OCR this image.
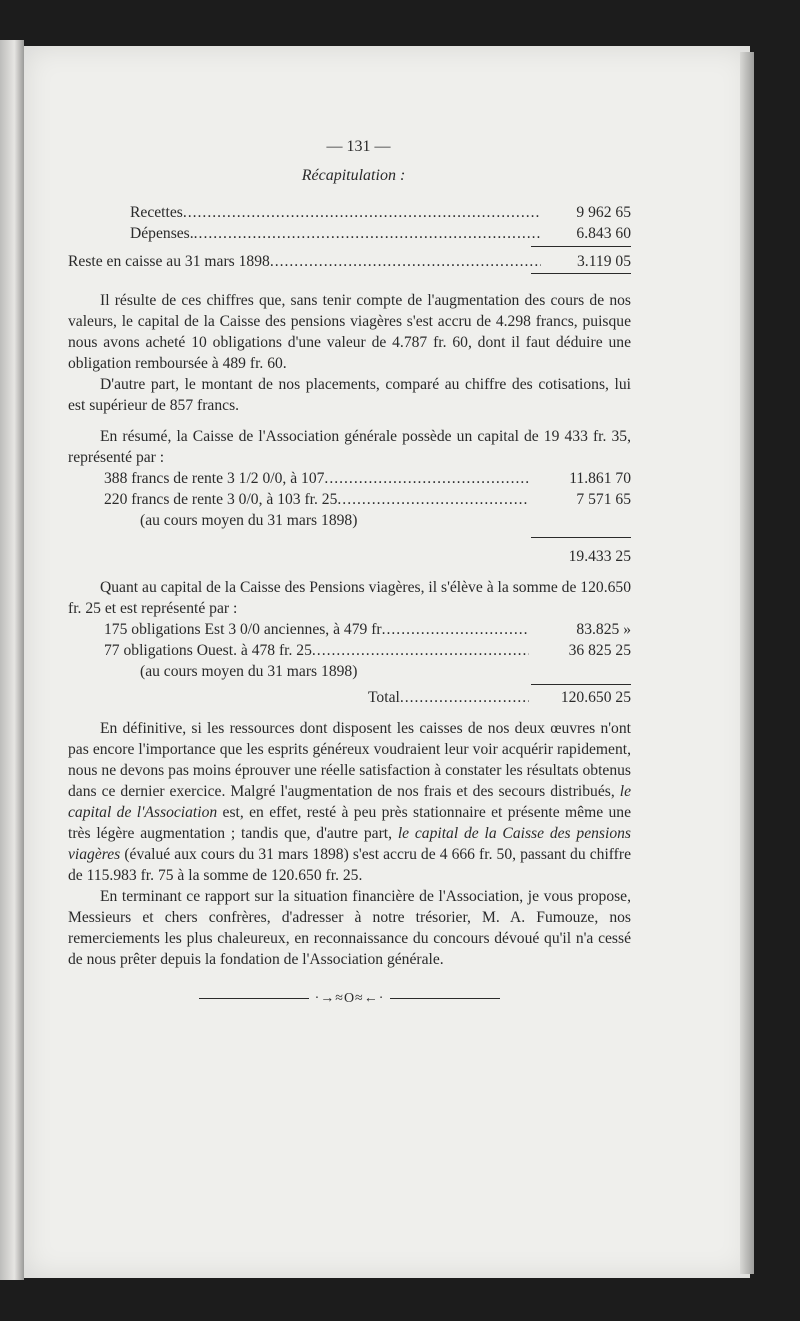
— 131 —
Récapitulation :
Recettes .....	9 962 65
Dépenses. .....	6.843 60
Reste en caisse au 31 mars 1898 .....	3.119 05

Il résulte de ces chiffres que, sans tenir compte de l'augmentation des cours de nos valeurs, le capital de la Caisse des pensions viagères s'est accru de 4.298 francs, puisque nous avons acheté 10 obligations d'une valeur de 4.787 fr. 60, dont il faut déduire une obligation remboursée à 489 fr. 60.

D'autre part, le montant de nos placements, comparé au chiffre des cotisations, lui est supérieur de 857 francs.

En résumé, la Caisse de l'Association générale possède un capital de 19 433 fr. 35, représenté par :

388 francs de rente 3 1/2 0/0, à 107 .....	11.861 70
220 francs de rente 3 0/0, à 103 fr. 25 .....	7 571 65
(au cours moyen du 31 mars 1898)
19.433 25

Quant au capital de la Caisse des Pensions viagères, il s'élève à la somme de 120.650 fr. 25 et est représenté par :

175 obligations Est 3 0/0 anciennes, à 479 fr .....	83.825 »
77 obligations Ouest. à 478 fr. 25 .....	36 825 25
(au cours moyen du 31 mars 1898)
Total .....	120.650 25

En définitive, si les ressources dont disposent les caisses de nos deux œuvres n'ont pas encore l'importance que les esprits généreux voudraient leur voir acquérir rapidement, nous ne devons pas moins éprouver une réelle satisfaction à constater les résultats obtenus dans ce dernier exercice. Malgré l'augmentation de nos frais et des secours distribués, le capital de l'Association est, en effet, resté à peu près stationnaire et présente même une très légère augmentation ; tandis que, d'autre part, le capital de la Caisse des pensions viagères (évalué aux cours du 31 mars 1898) s'est accru de 4 666 fr. 50, passant du chiffre de 115.983 fr. 75 à la somme de 120.650 fr. 25.

En terminant ce rapport sur la situation financière de l'Association, je vous propose, Messieurs et chers confrères, d'adresser à notre trésorier, M. A. Fumouze, nos remerciements les plus chaleureux, en reconnaissance du concours dévoué qu'il n'a cessé de nous prêter depuis la fondation de l'Association générale.

·→≈O≈←·
